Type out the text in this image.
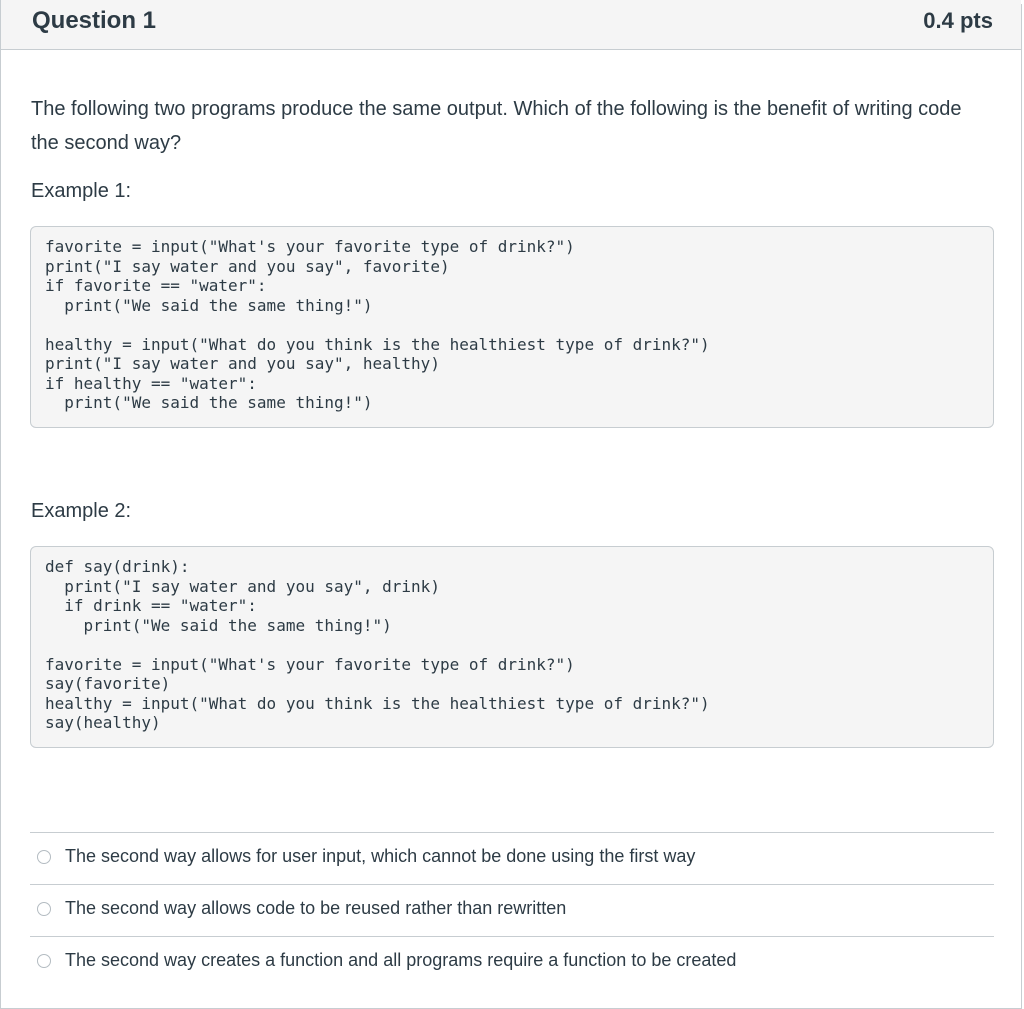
Question 1	0.4 pts
The following two programs produce the same output. Which of the following is the benefit of writing code the second way?
Example 1:
favorite = input("What's your favorite type of drink?")
print("I say water and you say", favorite)
if favorite == "water":
print("We said the same thing!")

healthy = input("What do you think is the healthiest type of drink?")
print("I say water and you say", healthy)
if healthy == "water":
print("We said the same thing!")
Example 2:
def say(drink):
print("I say water and you say", drink)
if drink == "water":
print("We said the same thing!")

favorite = input("What's your favorite type of drink?")
say(favorite)
healthy = input("What do you think is the healthiest type of drink?")
say(healthy)
The second way allows for user input, which cannot be done using the first way
The second way allows code to be reused rather than rewritten
The second way creates a function and all programs require a function to be created
